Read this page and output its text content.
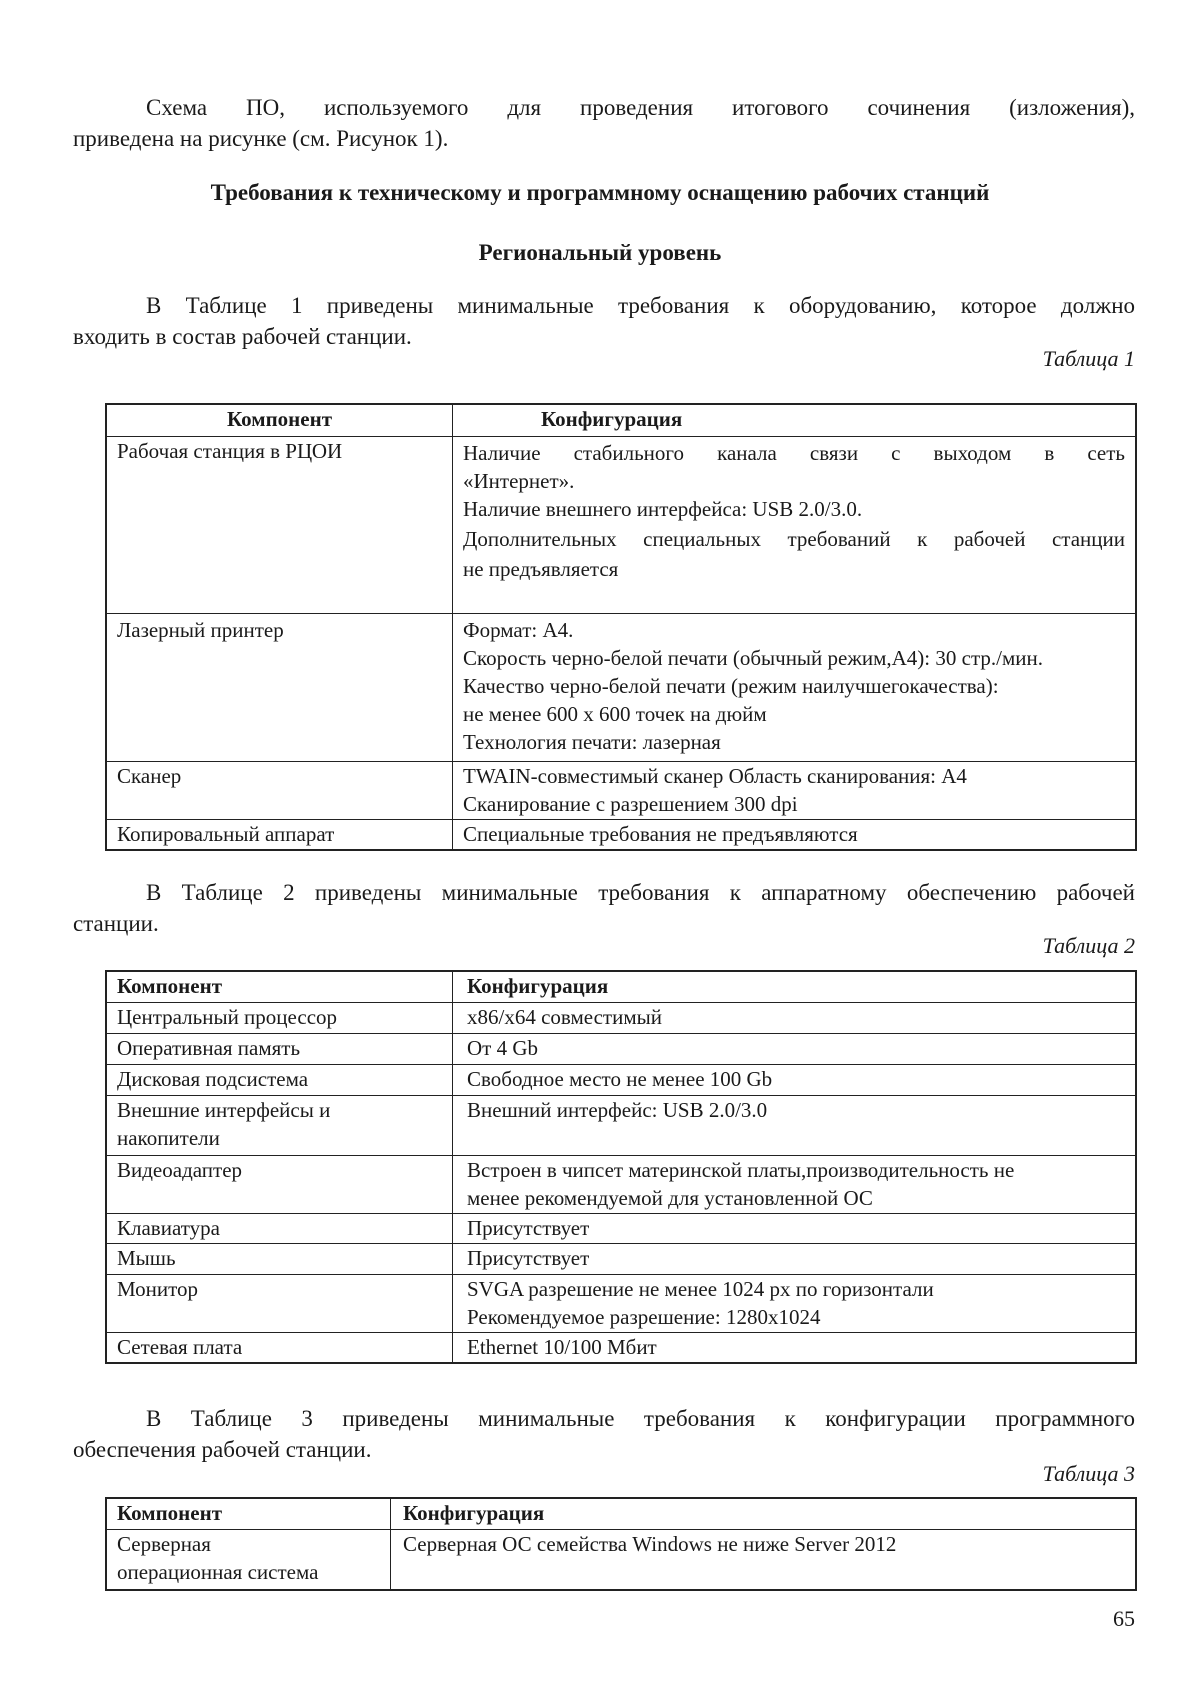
Схема ПО, используемого для проведения итогового сочинения (изложения),
приведена на рисунке (см. Рисунок 1).

Требования к техническому и программному оснащению рабочих станций

Региональный уровень

В Таблице 1 приведены минимальные требования к оборудованию, которое должно
входить в состав рабочей станции.

Таблица 1

Компонент	Конфигурация
Рабочая станция в РЦОИ	Наличие стабильного канала связи с выходом в сеть
«Интернет».
Наличие внешнего интерфейса: USB 2.0/3.0.
Дополнительных специальных требований к рабочей станции
не предъявляется

Лазерный принтер	Формат: А4.
Скорость черно-белой печати (обычный режим,А4): 30 стр./мин.
Качество черно-белой печати (режим наилучшегокачества):
не менее 600 х 600 точек на дюйм
Технология печати: лазерная

Сканер	TWAIN-совместимый сканер Область сканирования: А4
Сканирование с разрешением 300 dpi

Копировальный аппарат	Специальные требования не предъявляются
В Таблице 2 приведены минимальные требования к аппаратному обеспечению рабочей
станции.

Таблица 2

Компонент	Конфигурация
Центральный процессор	x86/x64 совместимый
Оперативная память	От 4 Gb
Дисковая подсистема	Свободное место не менее 100 Gb

Внешние интерфейсы и
накопители	Внешний интерфейс: USB 2.0/3.0
Видеоадаптер	Встроен в чипсет материнской платы,производительность не
менее рекомендуемой для установленной ОС

Клавиатура	Присутствует
Мышь	Присутствует
Монитор	SVGA разрешение не менее 1024 px по горизонтали
Рекомендуемое разрешение: 1280x1024

Сетевая плата	Ethernet 10/100 Мбит
В Таблице 3 приведены минимальные требования к конфигурации программного
обеспечения рабочей станции.

Таблица 3

Компонент	Конфигурация

Серверная
операционная система	Серверная ОС семейства Windows не ниже Server 2012

65
